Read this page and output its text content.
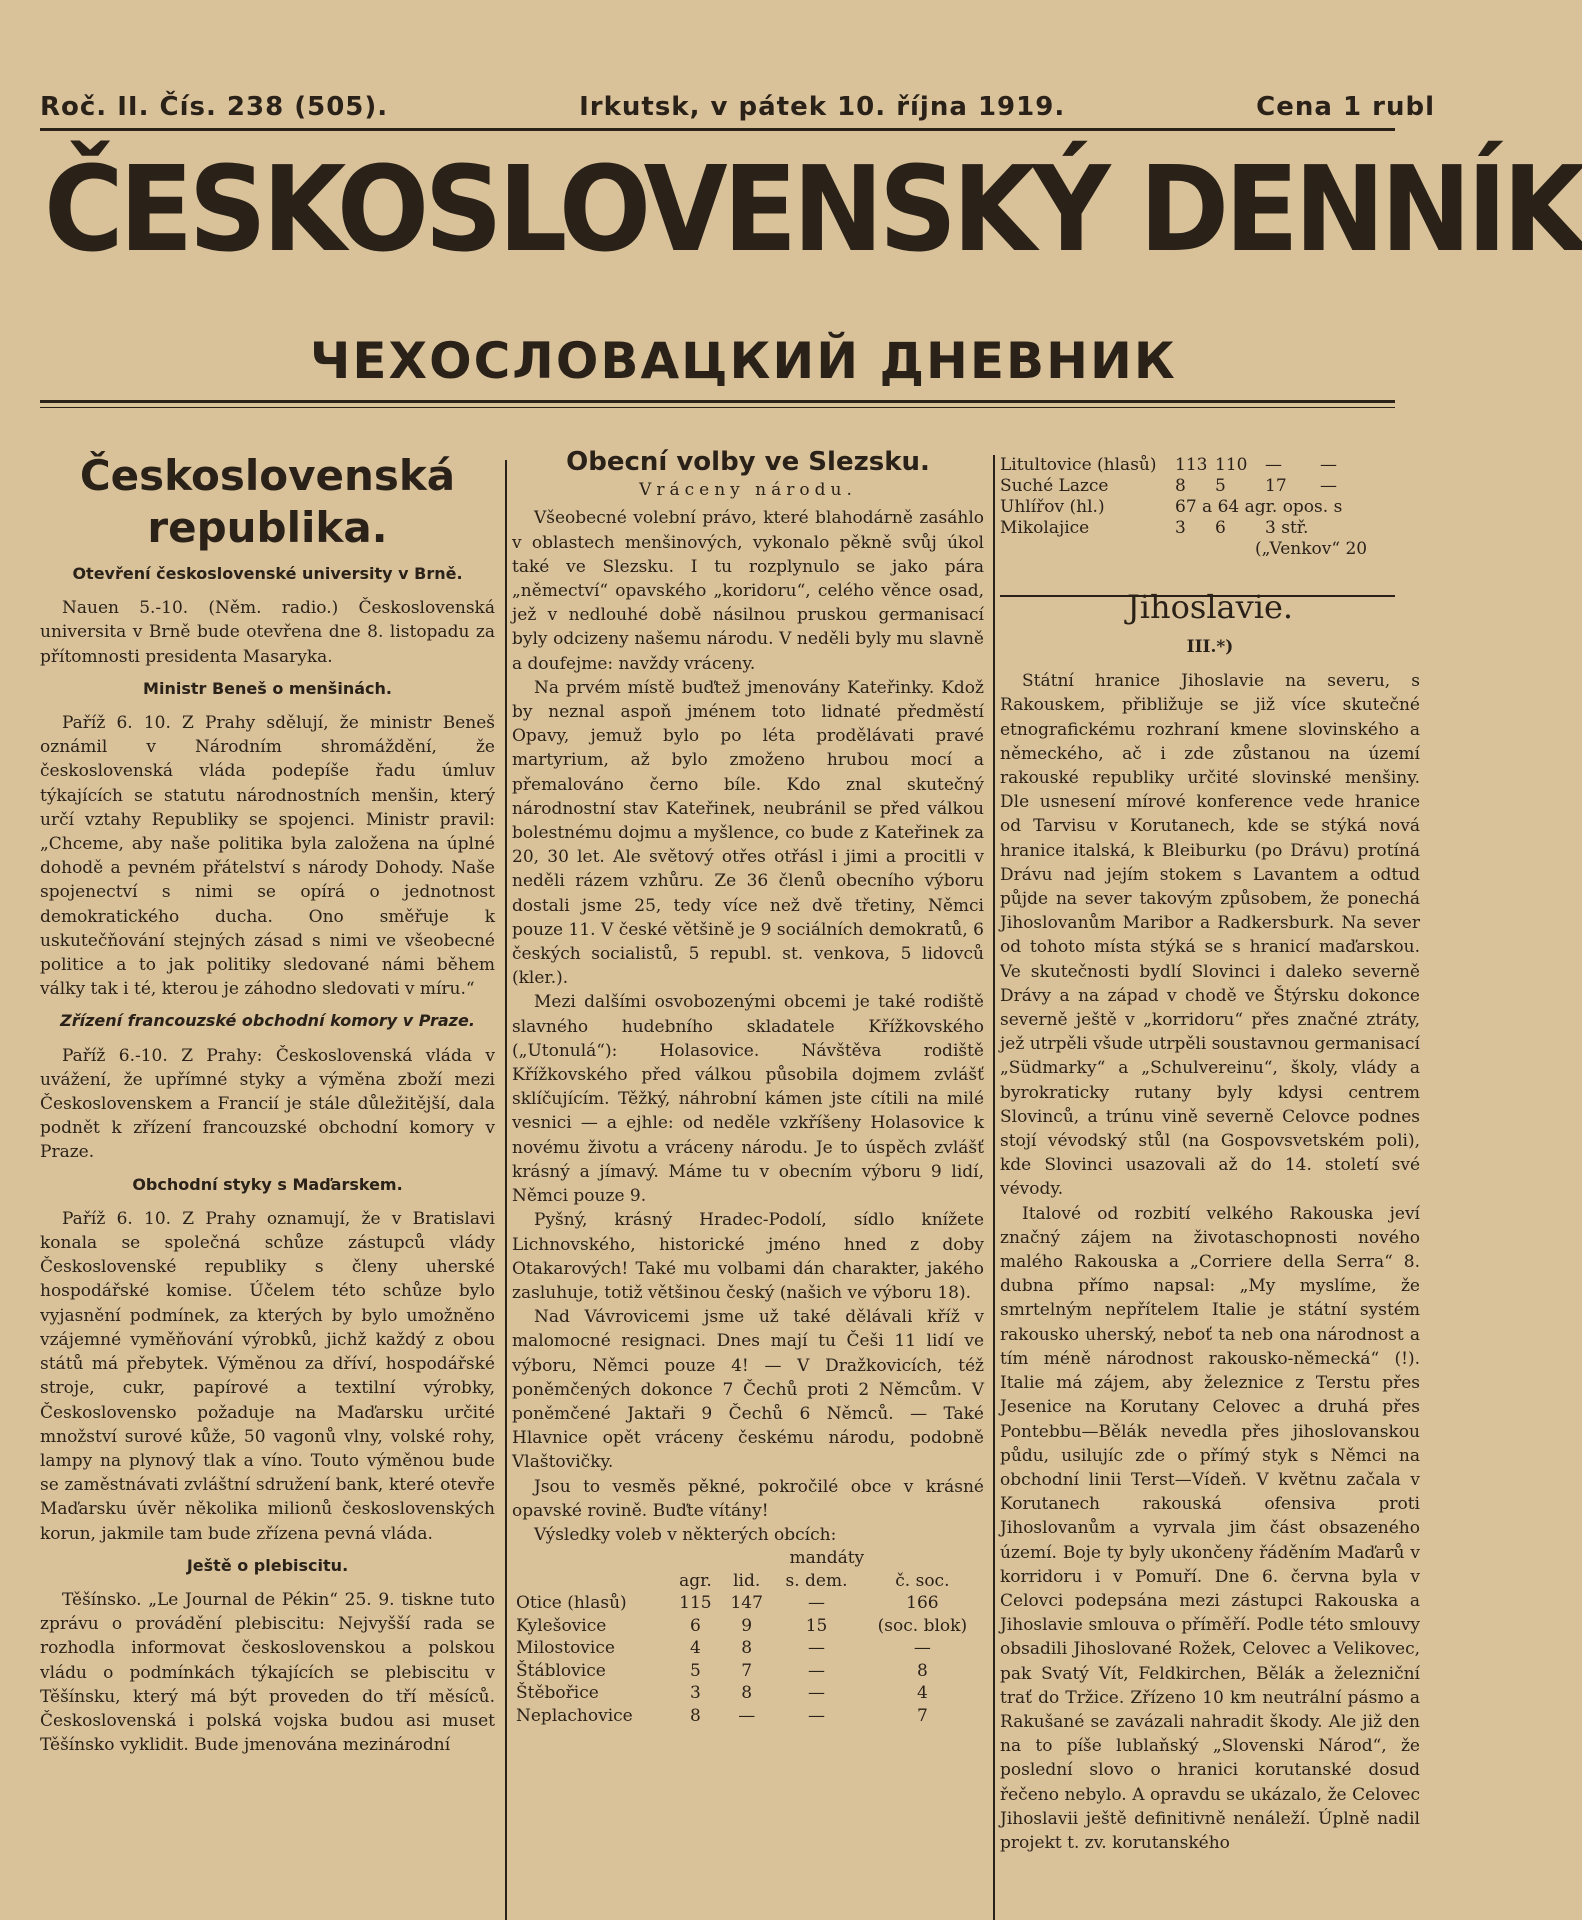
Roč. II. Čís. 238 (505).	Irkutsk, v pátek 10. října 1919.	Cena 1 rubl
ČESKOSLOVENSKÝ DENNÍK
ЧЕХОСЛОВАЦКИЙ ДНЕВНИК

Československá republika.

Otevření československé university v Brně.

Nauen 5.-10. (Něm. radio.) Československá universita v Brně bude otevřena dne 8. listopadu za přítomnosti presidenta Masaryka.

Ministr Beneš o menšinách.

Paříž 6. 10. Z Prahy sdělují, že ministr Beneš oznámil v Národním shromáždění, že československá vláda podepíše řadu úmluv týkajících se statutu národnostních menšin, který určí vztahy Republiky se spojenci. Ministr pravil: „Chceme, aby naše politika byla založena na úplné dohodě a pevném přátelství s národy Dohody. Naše spojenectví s nimi se opírá o jednotnost demokratického ducha. Ono směřuje k uskutečňování stejných zásad s nimi ve všeobecné politice a to jak politiky sledované námi během války tak i té, kterou je záhodno sledovati v míru.“

Zřízení francouzské obchodní komory v Praze.

Paříž 6.-10. Z Prahy: Československá vláda v uvážení, že upřímné styky a výměna zboží mezi Československem a Francií je stále důležitější, dala podnět k zřízení francouzské obchodní komory v Praze.

Obchodní styky s Maďarskem.

Paříž 6. 10. Z Prahy oznamují, že v Bratislavi konala se společná schůze zástupců vlády Československé republiky s členy uherské hospodářské komise. Účelem této schůze bylo vyjasnění podmínek, za kterých by bylo umožněno vzájemné vyměňování výrobků, jichž každý z obou států má přebytek. Výměnou za dříví, hospodářské stroje, cukr, papírové a textilní výrobky, Československo požaduje na Maďarsku určité množství surové kůže, 50 vagonů vlny, volské rohy, lampy na plynový tlak a víno. Touto výměnou bude se zaměstnávati zvláštní sdružení bank, které otevře Maďarsku úvěr několika milionů československých korun, jakmile tam bude zřízena pevná vláda.

Ještě o plebiscitu.

Těšínsko. „Le Journal de Pékin“ 25. 9. tiskne tuto zprávu o provádění plebiscitu: Nejvyšší rada se rozhodla informovat československou a polskou vládu o podmínkách týkajících se plebiscitu v Těšínsku, který má být proveden do tří měsíců. Československá i polská vojska budou asi muset Těšínsko vyklidit. Bude jmenována mezinárodní

Obecní volby ve Slezsku.

Vráceny národu.

Všeobecné volební právo, které blahodárně zasáhlo v oblastech menšinových, vykonalo pěkně svůj úkol také ve Slezsku. I tu rozplynulo se jako pára „němectví“ opavského „koridoru“, celého věnce osad, jež v nedlouhé době násilnou pruskou germanisací byly odcizeny našemu národu. V neděli byly mu slavně a doufejme: navždy vráceny.

Na prvém místě buďtež jmenovány Kateřinky. Kdož by neznal aspoň jménem toto lidnaté předměstí Opavy, jemuž bylo po léta prodělávati pravé martyrium, až bylo zmoženo hrubou mocí a přemalováno černo bíle. Kdo znal skutečný národnostní stav Kateřinek, neubránil se před válkou bolestnému dojmu a myšlence, co bude z Kateřinek za 20, 30 let. Ale světový otřes otřásl i jimi a procitli v neděli rázem vzhůru. Ze 36 členů obecního výboru dostali jsme 25, tedy více než dvě třetiny, Němci pouze 11. V české většině je 9 sociálních demokratů, 6 českých socialistů, 5 republ. st. venkova, 5 lidovců (kler.).

Mezi dalšími osvobozenými obcemi je také rodiště slavného hudebního skladatele Křížkovského („Utonulá“): Holasovice. Návštěva rodiště Křížkovského před válkou působila dojmem zvlášť sklíčujícím. Těžký, náhrobní kámen jste cítili na milé vesnici — a ejhle: od neděle vzkříšeny Holasovice k novému životu a vráceny národu. Je to úspěch zvlášť krásný a jímavý. Máme tu v obecním výboru 9 lidí, Němci pouze 9.

Pyšný, krásný Hradec-Podolí, sídlo knížete Lichnovského, historické jméno hned z doby Otakarových! Také mu volbami dán charakter, jakého zasluhuje, totiž většinou český (našich ve výboru 18).

Nad Vávrovicemi jsme už také dělávali kříž v malomocné resignaci. Dnes mají tu Češi 11 lidí ve výboru, Němci pouze 4! — V Dražkovicích, též poněmčených dokonce 7 Čechů proti 2 Němcům. V poněmčené Jaktaři 9 Čechů 6 Němců. — Také Hlavnice opět vráceny českému národu, podobně Vlaštovičky.

Jsou to vesměs pěkné, pokročilé obce v krásné opavské rovině. Buďte vítány!

Výsledky voleb v některých obcích:

	mandáty			
	agr.	lid.	s. dem.	č. soc.
Otice (hlasů)	115	147	—	166
Kylešovice	6	9	15	(soc. blok)
Milostovice	4	8	—	—
Štáblovice	5	7	—	8
Štěbořice	3	8	—	4
Neplachovice	8	—	—	7
Litultovice (hlasů) 113 110 — —
Suché Lazce	8 5 17 —
Uhlířov (hl.)	67 a 64 agr. opos. s
Mikolajice	3 6 3 stř.
(„Venkov“ 20

Jihoslavie.

III.*)

Státní hranice Jihoslavie na severu, s Rakouskem, přibližuje se již více skutečné etnografickému rozhraní kmene slovinského a německého, ač i zde zůstanou na území rakouské republiky určité slovinské menšiny. Dle usnesení mírové konference vede hranice od Tarvisu v Korutanech, kde se stýká nová hranice italská, k Bleiburku (po Drávu) protíná Drávu nad jejím stokem s Lavantem a odtud půjde na sever takovým způsobem, že ponechá Jihoslovanům Maribor a Radkersburk. Na sever od tohoto místa stýká se s hranicí maďarskou. Ve skutečnosti bydlí Slovinci i daleko severně Drávy a na západ v chodě ve Štýrsku dokonce severně ještě v „korridoru“ přes značné ztráty, jež utrpěli všude utrpěli soustavnou germanisací „Südmarky“ a „Schulvereinu“, školy, vlády a byrokraticky rutany byly kdysi centrem Slovinců, a trúnu vině severně Celovce podnes stojí vévodský stůl (na Gospovsvetském poli), kde Slovinci usazovali až do 14. století své vévody.

Italové od rozbití velkého Rakouska jeví značný zájem na životaschopnosti nového malého Rakouska a „Corriere della Serra“ 8. dubna přímo napsal: „My myslíme, že smrtelným nepřítelem Italie je státní systém rakousko uherský, neboť ta neb ona národnost a tím méně národnost rakousko-německá“ (!). Italie má zájem, aby železnice z Terstu přes Jesenice na Korutany Celovec a druhá přes Pontebbu—Bělák nevedla přes jihoslovanskou půdu, usilujíc zde o přímý styk s Němci na obchodní linii Terst—Vídeň. V květnu začala v Korutanech rakouská ofensiva proti Jihoslovanům a vyrvala jim část obsazeného území. Boje ty byly ukončeny řáděním Maďarů v korridoru i v Pomuří. Dne 6. června byla v Celovci podepsána mezi zástupci Rakouska a Jihoslavie smlouva o příměří. Podle této smlouvy obsadili Jihoslované Rožek, Celovec a Velikovec, pak Svatý Vít, Feldkirchen, Bělák a železniční trať do Tržice. Zřízeno 10 km neutrální pásmo a Rakušané se zavázali nahradit škody. Ale již den na to píše lublaňský „Slovenski Národ“, že poslední slovo o hranici korutanské dosud řečeno nebylo. A opravdu se ukázalo, že Celovec Jihoslavii ještě definitivně nenáleží. Úplně nadil projekt t. zv. korutanského
